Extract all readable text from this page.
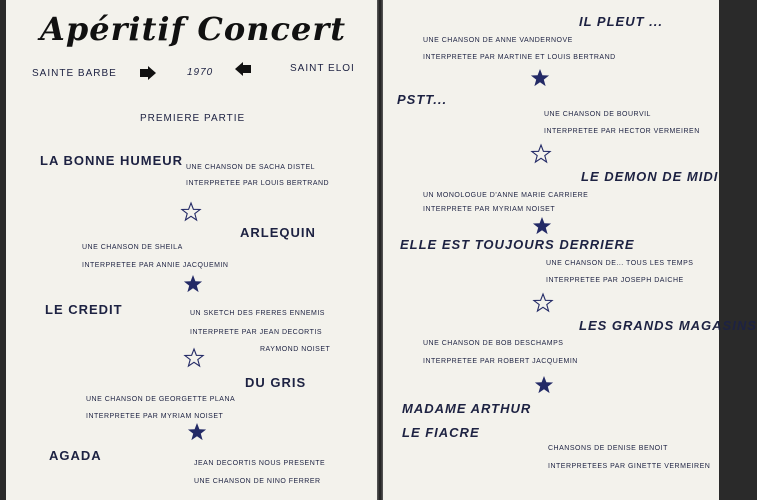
Apéritif Concert
SAINTE BARBE	1970	SAINT ELOI
PREMIERE PARTIE
LA BONNE HUMEUR UNE CHANSON DE SACHA DISTEL
INTERPRETEE PAR LOUIS BERTRAND
ARLEQUIN
UNE CHANSON DE SHEILA
INTERPRETEE PAR ANNIE JACQUEMIN
LE CREDIT	UN SKETCH DES FRERES ENNEMIS
INTERPRETE PAR JEAN DECORTIS
RAYMOND NOISET
DU GRIS
UNE CHANSON DE GEORGETTE PLANA
INTERPRETEE PAR MYRIAM NOISET
AGADA
JEAN DECORTIS NOUS PRESENTE
UNE CHANSON DE NINO FERRER
IL PLEUT ...
UNE CHANSON DE ANNE VANDERNOVE
INTERPRETEE PAR MARTINE ET LOUIS BERTRAND
PSTT...
UNE CHANSON DE BOURVIL
INTERPRETEE PAR HECTOR VERMEIREN
LE DEMON DE MIDI
UN MONOLOGUE D'ANNE MARIE CARRIERE
INTERPRETE PAR MYRIAM NOISET
ELLE EST TOUJOURS DERRIERE
UNE CHANSON DE... TOUS LES TEMPS
INTERPRETEE PAR JOSEPH DAICHE
LES GRANDS MAGASINS
UNE CHANSON DE BOB DESCHAMPS
INTERPRETEE PAR ROBERT JACQUEMIN
MADAME ARTHUR
LE FIACRE
CHANSONS DE DENISE BENOIT
INTERPRETEES PAR GINETTE VERMEIREN
